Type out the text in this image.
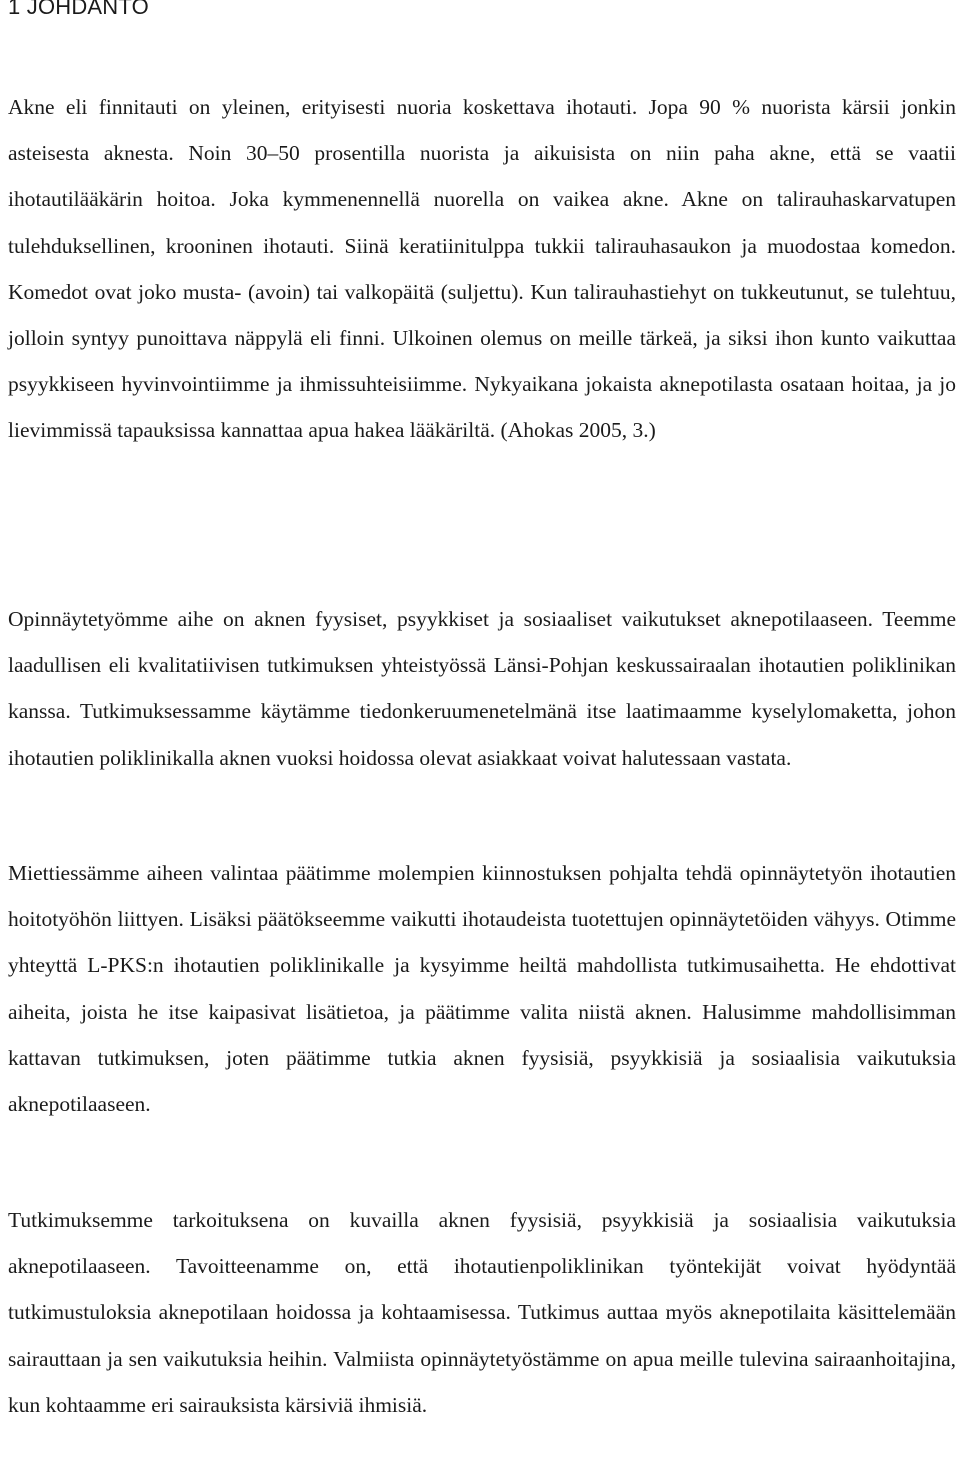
1 JOHDANTO

Akne eli finnitauti on yleinen, erityisesti nuoria koskettava ihotauti. Jopa 90 % nuorista kärsii jonkin asteisesta aknesta. Noin 30–50 prosentilla nuorista ja aikuisista on niin paha akne, että se vaatii ihotautilääkärin hoitoa. Joka kymmenennellä nuorella on vaikea akne. Akne on talirauhaskarvatupen tulehduksellinen, krooninen ihotauti. Siinä keratiinitulppa tukkii talirauhasaukon ja muodostaa komedon. Komedot ovat joko musta- (avoin) tai valkopäitä (suljettu). Kun talirauhastiehyt on tukkeutunut, se tulehtuu, jolloin syntyy punoittava näppylä eli finni. Ulkoinen olemus on meille tärkeä, ja siksi ihon kunto vaikuttaa psyykkiseen hyvinvointiimme ja ihmissuhteisiimme. Nykyaikana jokaista aknepotilasta osataan hoitaa, ja jo lievimmissä tapauksissa kannattaa apua hakea lääkäriltä. (Ahokas 2005, 3.)

Opinnäytetyömme aihe on aknen fyysiset, psyykkiset ja sosiaaliset vaikutukset aknepotilaaseen. Teemme laadullisen eli kvalitatiivisen tutkimuksen yhteistyössä Länsi-Pohjan keskussairaalan ihotautien poliklinikan kanssa. Tutkimuksessamme käytämme tiedonkeruumenetelmänä itse laatimaamme kyselylomaketta, johon ihotautien poliklinikalla aknen vuoksi hoidossa olevat asiakkaat voivat halutessaan vastata.

Miettiessämme aiheen valintaa päätimme molempien kiinnostuksen pohjalta tehdä opinnäytetyön ihotautien hoitotyöhön liittyen. Lisäksi päätökseemme vaikutti ihotaudeista tuotettujen opinnäytetöiden vähyys. Otimme yhteyttä L-PKS:n ihotautien poliklinikalle ja kysyimme heiltä mahdollista tutkimusaihetta. He ehdottivat aiheita, joista he itse kaipasivat lisätietoa, ja päätimme valita niistä aknen. Halusimme mahdollisimman kattavan tutkimuksen, joten päätimme tutkia aknen fyysisiä, psyykkisiä ja sosiaalisia vaikutuksia aknepotilaaseen.

Tutkimuksemme tarkoituksena on kuvailla aknen fyysisiä, psyykkisiä ja sosiaalisia vaikutuksia aknepotilaaseen. Tavoitteenamme on, että ihotautienpoliklinikan työntekijät voivat hyödyntää tutkimustuloksia aknepotilaan hoidossa ja kohtaamisessa. Tutkimus auttaa myös aknepotilaita käsittelemään sairauttaan ja sen vaikutuksia heihin. Valmiista opinnäytetyöstämme on apua meille tulevina sairaanhoitajina, kun kohtaamme eri sairauksista kärsiviä ihmisiä.
